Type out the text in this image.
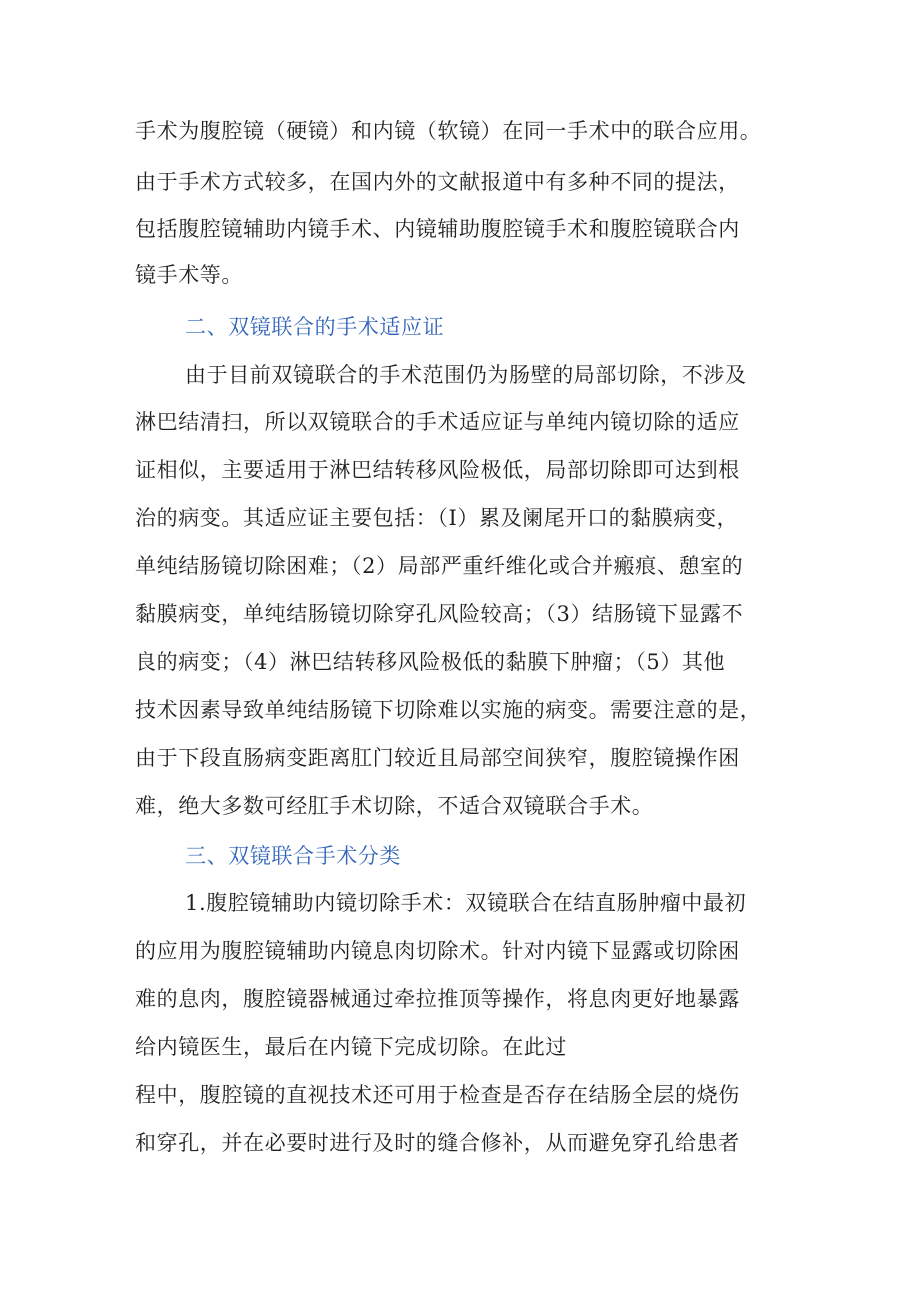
手术为腹腔镜（硬镜）和内镜（软镜）在同一手术中的联合应用。
由于手术方式较多，在国内外的文献报道中有多种不同的提法，
包括腹腔镜辅助内镜手术、内镜辅助腹腔镜手术和腹腔镜联合内
镜手术等。
二、双镜联合的手术适应证
由于目前双镜联合的手术范围仍为肠壁的局部切除，不涉及
淋巴结清扫，所以双镜联合的手术适应证与单纯内镜切除的适应
证相似，主要适用于淋巴结转移风险极低，局部切除即可达到根
治的病变。其适应证主要包括：（I）累及阑尾开口的黏膜病变，
单纯结肠镜切除困难；（2）局部严重纤维化或合并瘢痕、憩室的
黏膜病变，单纯结肠镜切除穿孔风险较高；（3）结肠镜下显露不
良的病变；（4）淋巴结转移风险极低的黏膜下肿瘤；（5）其他
技术因素导致单纯结肠镜下切除难以实施的病变。需要注意的是，
由于下段直肠病变距离肛门较近且局部空间狭窄，腹腔镜操作困
难，绝大多数可经肛手术切除，不适合双镜联合手术。
三、双镜联合手术分类
1.腹腔镜辅助内镜切除手术：双镜联合在结直肠肿瘤中最初
的应用为腹腔镜辅助内镜息肉切除术。针对内镜下显露或切除困
难的息肉，腹腔镜器械通过牵拉推顶等操作，将息肉更好地暴露
给内镜医生，最后在内镜下完成切除。在此过
程中，腹腔镜的直视技术还可用于检查是否存在结肠全层的烧伤
和穿孔，并在必要时进行及时的缝合修补，从而避免穿孔给患者
